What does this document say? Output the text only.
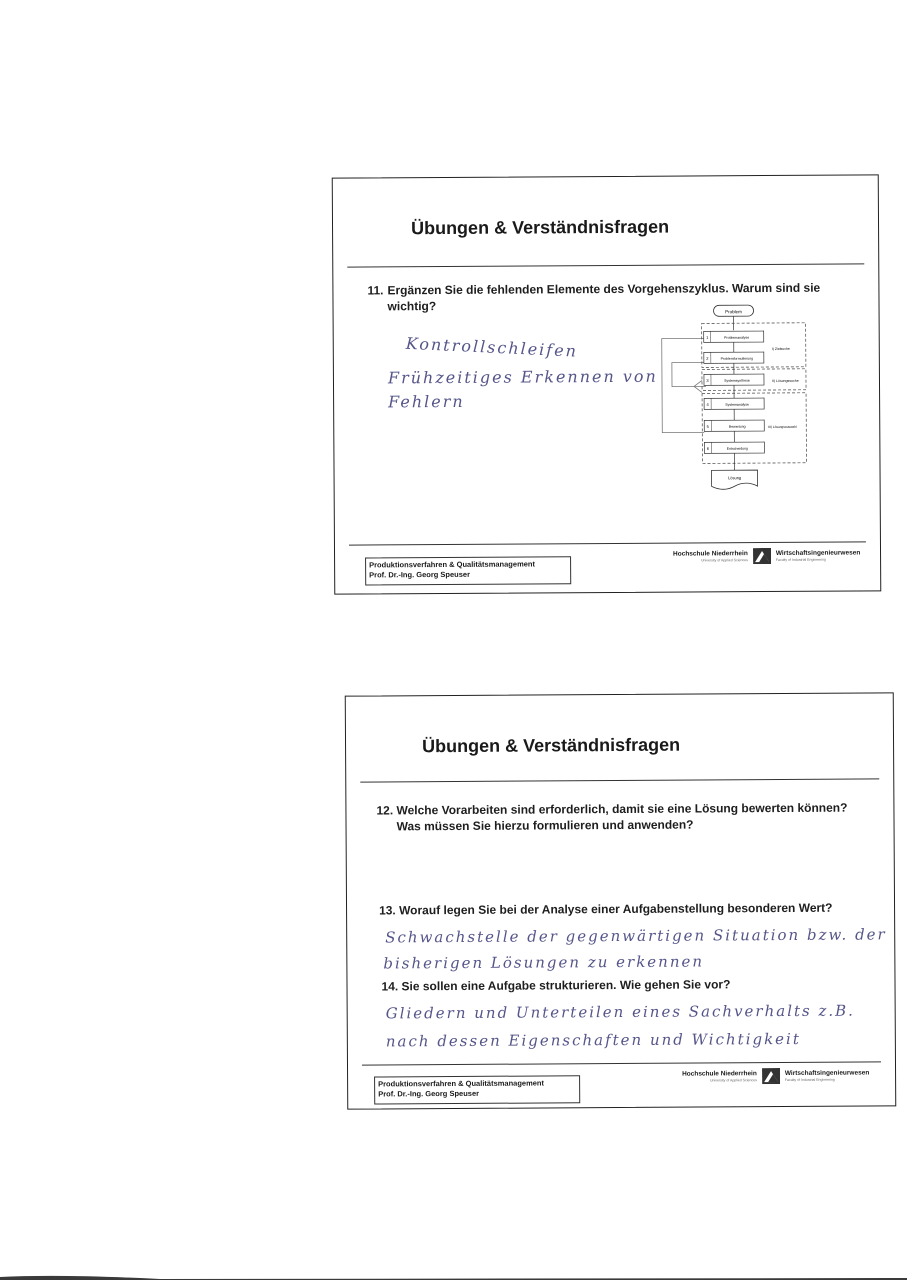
Übungen & Verständnisfragen
11. Ergänzen Sie die fehlenden Elemente des Vorgehenszyklus. Warum sind sie
wichtig?
Kontrollschleifen
Frühzeitiges Erkennen von
Fehlern
Problem
1	Problemanalyse
2	Problemformulierung
3	Systemsynthese
4	Systemanalyse
5	Bewertung
6	Entscheidung
I) Zielsuche
II) Lösungssuche
III) Lösungsauswahl
Lösung
Produktionsverfahren & Qualitätsmanagement
Prof. Dr.-Ing. Georg Speuser
Hochschule Niederrhein
University of Applied Sciences
Wirtschaftsingenieurwesen
Faculty of Industrial Engineering
Übungen & Verständnisfragen
12. Welche Vorarbeiten sind erforderlich, damit sie eine Lösung bewerten können?
Was müssen Sie hierzu formulieren und anwenden?
13. Worauf legen Sie bei der Analyse einer Aufgabenstellung besonderen Wert?
Schwachstelle der gegenwärtigen Situation bzw. der
bisherigen Lösungen zu erkennen
14. Sie sollen eine Aufgabe strukturieren. Wie gehen Sie vor?
Gliedern und Unterteilen eines Sachverhalts z.B.
nach dessen Eigenschaften und Wichtigkeit
Produktionsverfahren & Qualitätsmanagement
Prof. Dr.-Ing. Georg Speuser
Hochschule Niederrhein
University of Applied Sciences
Wirtschaftsingenieurwesen
Faculty of Industrial Engineering
